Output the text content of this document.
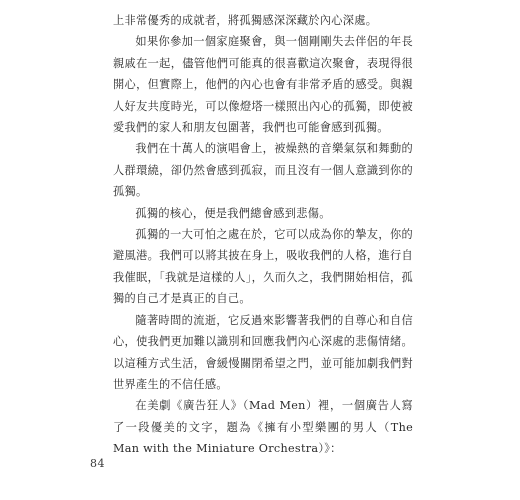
上非常優秀的成就者，將孤獨感深深藏於內心深處。

如果你參加一個家庭聚會，與一個剛剛失去伴侶的年長親戚在一起，儘管他們可能真的很喜歡這次聚會，表現得很開心，但實際上，他們的內心也會有非常矛盾的感受。與親人好友共度時光，可以像燈塔一樣照出內心的孤獨，即使被愛我們的家人和朋友包圍著，我們也可能會感到孤獨。

我們在十萬人的演唱會上，被燥熱的音樂氣氛和舞動的人群環繞，卻仍然會感到孤寂，而且沒有一個人意識到你的孤獨。

孤獨的核心，便是我們總會感到悲傷。

孤獨的一大可怕之處在於，它可以成為你的摯友，你的避風港。我們可以將其披在身上，吸收我們的人格，進行自我催眠，「我就是這樣的人」，久而久之，我們開始相信，孤獨的自己才是真正的自己。

隨著時間的流逝，它反過來影響著我們的自尊心和自信心，使我們更加難以識別和回應我們內心深處的悲傷情緒。以這種方式生活，會緩慢關閉希望之門，並可能加劇我們對世界產生的不信任感。

在美劇《廣告狂人》（Mad Men）裡，一個廣告人寫了一段優美的文字，題為《擁有小型樂團的男人（The Man with the Miniature Orchestra）》：

84
